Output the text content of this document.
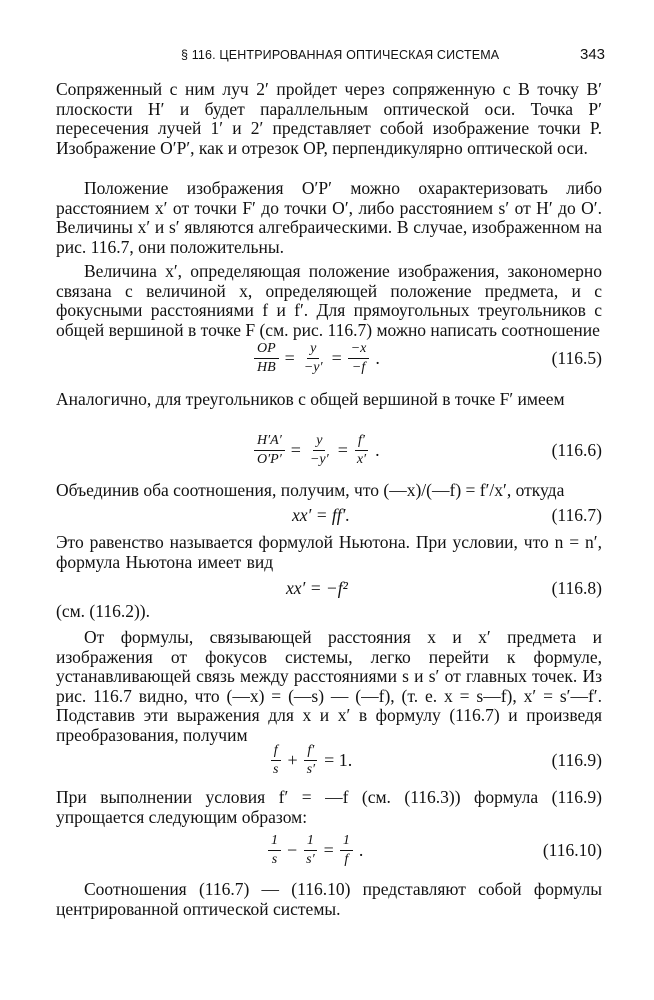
§ 116. ЦЕНТРИРОВАННАЯ ОПТИЧЕСКАЯ СИСТЕМА	343

Сопряженный с ним луч 2′ пройдет через сопряженную с B точку B′ плоскости H′ и будет параллельным оптической оси. Точка P′ пересечения лучей 1′ и 2′ представляет собой изображение точки P. Изображение O′P′, как и отрезок OP, перпендикулярно оптической оси.

Положение изображения O′P′ можно охарактеризовать либо расстоянием x′ от точки F′ до точки O′, либо расстоянием s′ от H′ до O′. Величины x′ и s′ являются алгебраическими. В случае, изображенном на рис. 116.7, они положительны.

Величина x′, определяющая положение изображения, закономерно связана с величиной x, определяющей положение предмета, и с фокусными расстояниями f и f′. Для прямоугольных треугольников с общей вершиной в точке F (см. рис. 116.7) можно написать соотношение

$\frac{OP}{HB} = \frac{y}{-y'} = \frac{-x}{-f}$ .	(116.5)

Аналогично, для треугольников с общей вершиной в точке F′ имеем

$\frac{H'A'}{O'P'} = \frac{y}{-y'} = \frac{f'}{x'}$ .	(116.6)

Объединив оба соотношения, получим, что (—x)/(—f) = f′/x′, откуда

xx′ = ff′.	(116.7)

Это равенство называется формулой Ньютона. При условии, что n = n′, формула Ньютона имеет вид

xx′ = −f²	(116.8)

(см. (116.2)).

От формулы, связывающей расстояния x и x′ предмета и изображения от фокусов системы, легко перейти к формуле, устанавливающей связь между расстояниями s и s′ от главных точек. Из рис. 116.7 видно, что (—x) = (—s) — (—f), (т. е. x = s—f), x′ = s′—f′. Подставив эти выражения для x и x′ в формулу (116.7) и произведя преобразования, получим

$\frac{f}{s} + \frac{f'}{s'} = 1$.	(116.9)

При выполнении условия f′ = —f (см. (116.3)) формула (116.9) упрощается следующим образом:

$\frac{1}{s} - \frac{1}{s'} = \frac{1}{f}$ .	(116.10)

Соотношения (116.7) — (116.10) представляют собой формулы центрированной оптической системы.
